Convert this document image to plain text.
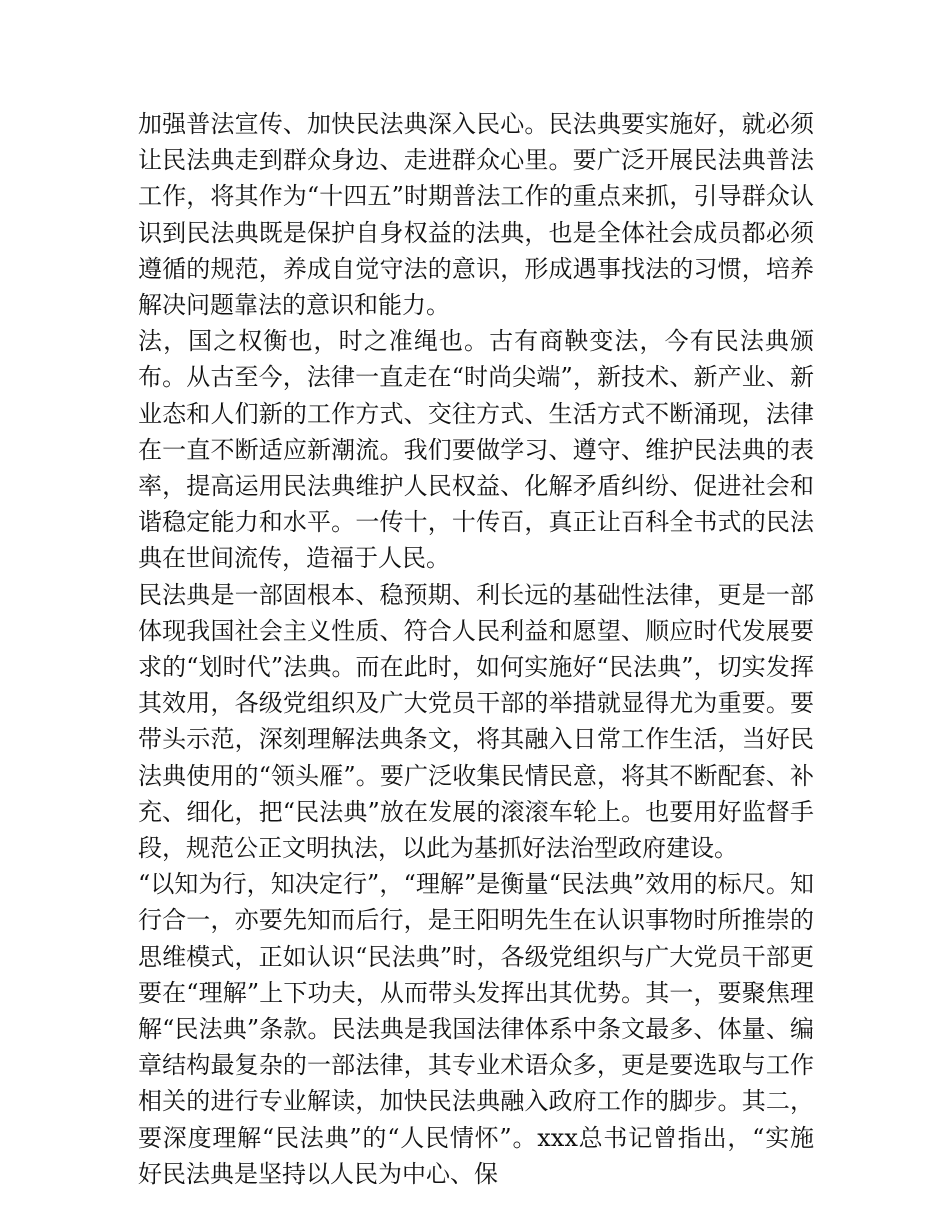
加强普法宣传、加快民法典深入民心。民法典要实施好，就必须让民法典走到群众身边、走进群众心里。要广泛开展民法典普法工作，将其作为“十四五”时期普法工作的重点来抓，引导群众认识到民法典既是保护自身权益的法典，也是全体社会成员都必须遵循的规范，养成自觉守法的意识，形成遇事找法的习惯，培养解决问题靠法的意识和能力。

法，国之权衡也，时之准绳也。古有商鞅变法，今有民法典颁布。从古至今，法律一直走在“时尚尖端”，新技术、新产业、新业态和人们新的工作方式、交往方式、生活方式不断涌现，法律在一直不断适应新潮流。我们要做学习、遵守、维护民法典的表率，提高运用民法典维护人民权益、化解矛盾纠纷、促进社会和谐稳定能力和水平。一传十，十传百，真正让百科全书式的民法典在世间流传，造福于人民。

民法典是一部固根本、稳预期、利长远的基础性法律，更是一部体现我国社会主义性质、符合人民利益和愿望、顺应时代发展要求的“划时代”法典。而在此时，如何实施好“民法典”，切实发挥其效用，各级党组织及广大党员干部的举措就显得尤为重要。要带头示范，深刻理解法典条文，将其融入日常工作生活，当好民法典使用的“领头雁”。要广泛收集民情民意，将其不断配套、补充、细化，把“民法典”放在发展的滚滚车轮上。也要用好监督手段，规范公正文明执法，以此为基抓好法治型政府建设。

“以知为行，知决定行”，“理解”是衡量“民法典”效用的标尺。知行合一，亦要先知而后行，是王阳明先生在认识事物时所推崇的思维模式，正如认识“民法典”时，各级党组织与广大党员干部更要在“理解”上下功夫，从而带头发挥出其优势。其一，要聚焦理解“民法典”条款。民法典是我国法律体系中条文最多、体量、编章结构最复杂的一部法律，其专业术语众多，更是要选取与工作相关的进行专业解读，加快民法典融入政府工作的脚步。其二，要深度理解“民法典”的“人民情怀”。xxx总书记曾指出，“实施好民法典是坚持以人民为中心、保
